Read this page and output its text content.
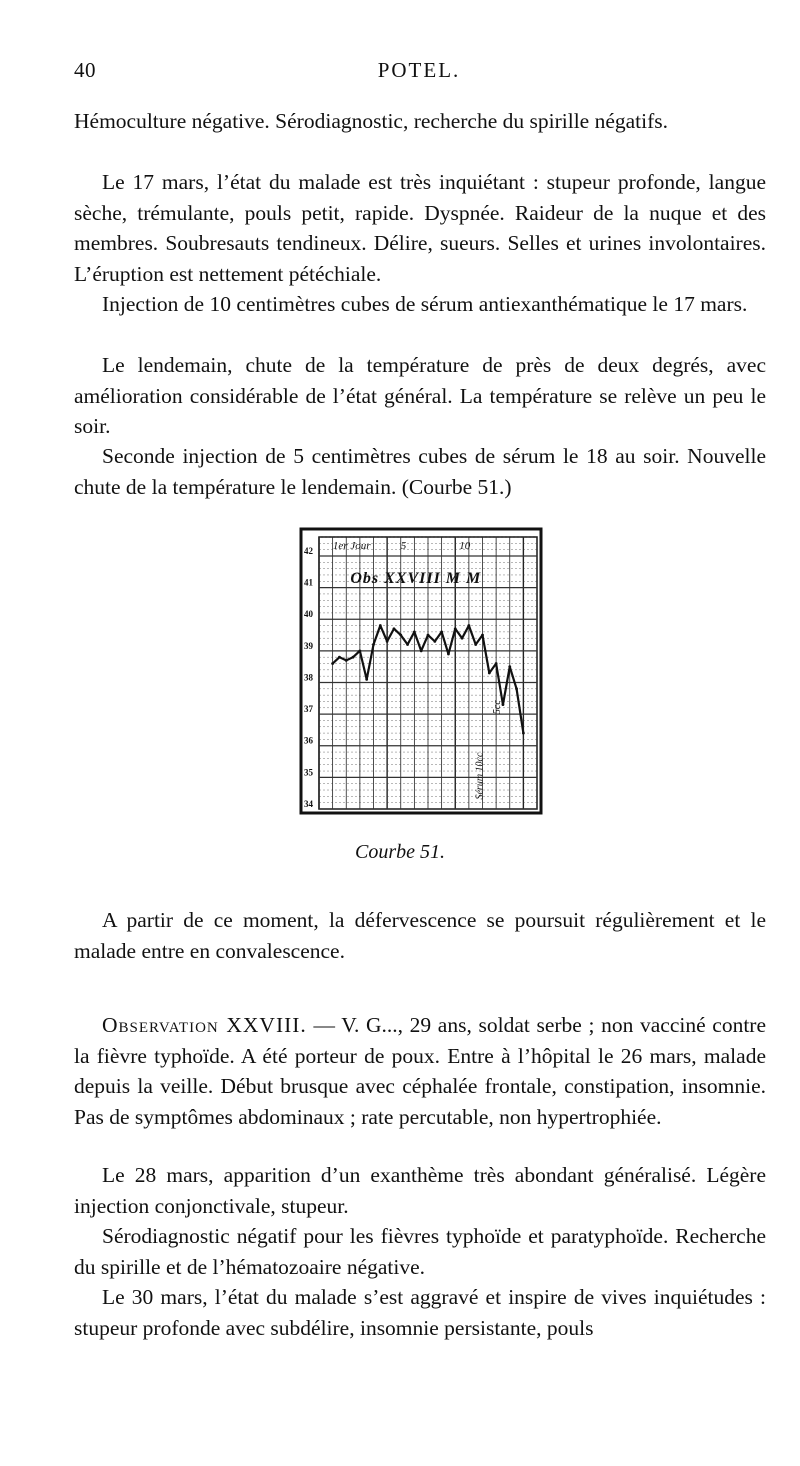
40	POTEL.

Hémoculture négative. Sérodiagnostic, recherche du spirille négatifs.

Le 17 mars, l’état du malade est très inquiétant : stupeur profonde, langue sèche, trémulante, pouls petit, rapide. Dyspnée. Raideur de la nuque et des membres. Soubresauts tendineux. Délire, sueurs. Selles et urines involontaires. L’éruption est nettement pétéchiale.

Injection de 10 centimètres cubes de sérum antiexanthématique le 17 mars.

Le lendemain, chute de la température de près de deux degrés, avec amélioration considérable de l’état général. La température se relève un peu le soir.

Seconde injection de 5 centimètres cubes de sérum le 18 au soir. Nouvelle chute de la température le lendemain. (Courbe 51.)

34
35
36
37
38
39
40
41
42 1er Jour	5	10
Obs XXVIII M M
Sérum 10cc
5cc
Courbe 51.

A partir de ce moment, la défervescence se poursuit régulièrement et le malade entre en convalescence.

Observation XXVIII. — V. G..., 29 ans, soldat serbe ; non vacciné contre la fièvre typhoïde. A été porteur de poux. Entre à l’hôpital le 26 mars, malade depuis la veille. Début brusque avec céphalée frontale, constipation, insomnie. Pas de symptômes abdominaux ; rate percutable, non hypertrophiée.

Le 28 mars, apparition d’un exanthème très abondant généralisé. Légère injection conjonctivale, stupeur.

Sérodiagnostic négatif pour les fièvres typhoïde et paratyphoïde. Recherche du spirille et de l’hématozoaire négative.

Le 30 mars, l’état du malade s’est aggravé et inspire de vives inquiétudes : stupeur profonde avec subdélire, insomnie persistante, pouls
